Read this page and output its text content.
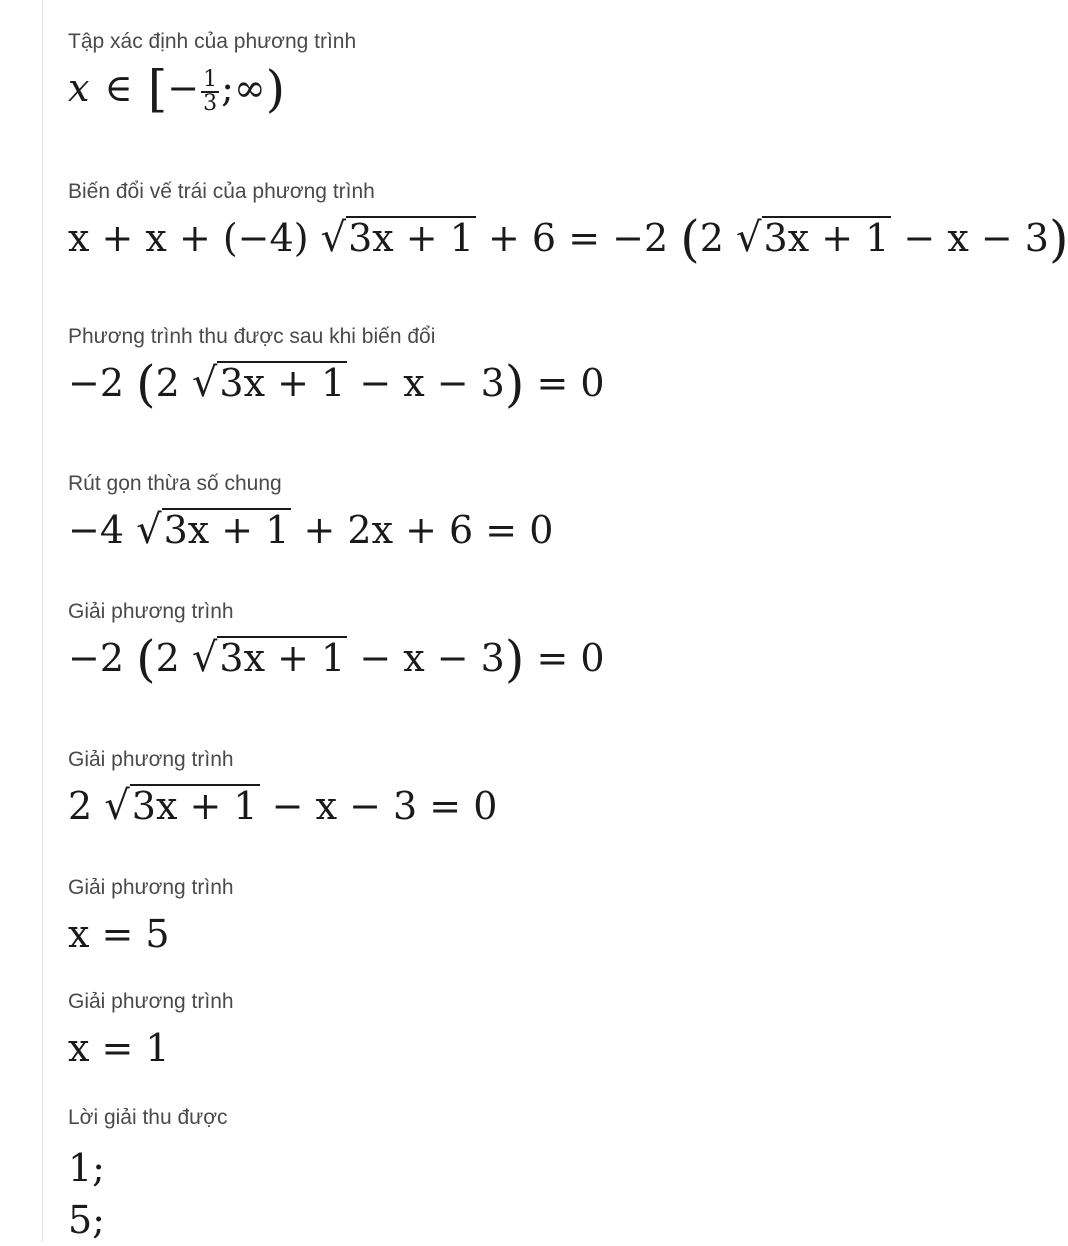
Tập xác định của phương trình
x ∈ [− $\frac{1}{3}$ ;∞)
Biến đổi vế trái của phương trình
x + x + (−4) √3x + 1 + 6 = −2 (2 √3x + 1 − x − 3)
Phương trình thu được sau khi biến đổi
−2 (2 √3x + 1 − x − 3) = 0
Rút gọn thừa số chung
−4 √3x + 1 + 2x + 6 = 0
Giải phương trình
−2 (2 √3x + 1 − x − 3) = 0
Giải phương trình
2 √3x + 1 − x − 3 = 0
Giải phương trình
x = 5
Giải phương trình
x = 1
Lời giải thu được
1;
5;
